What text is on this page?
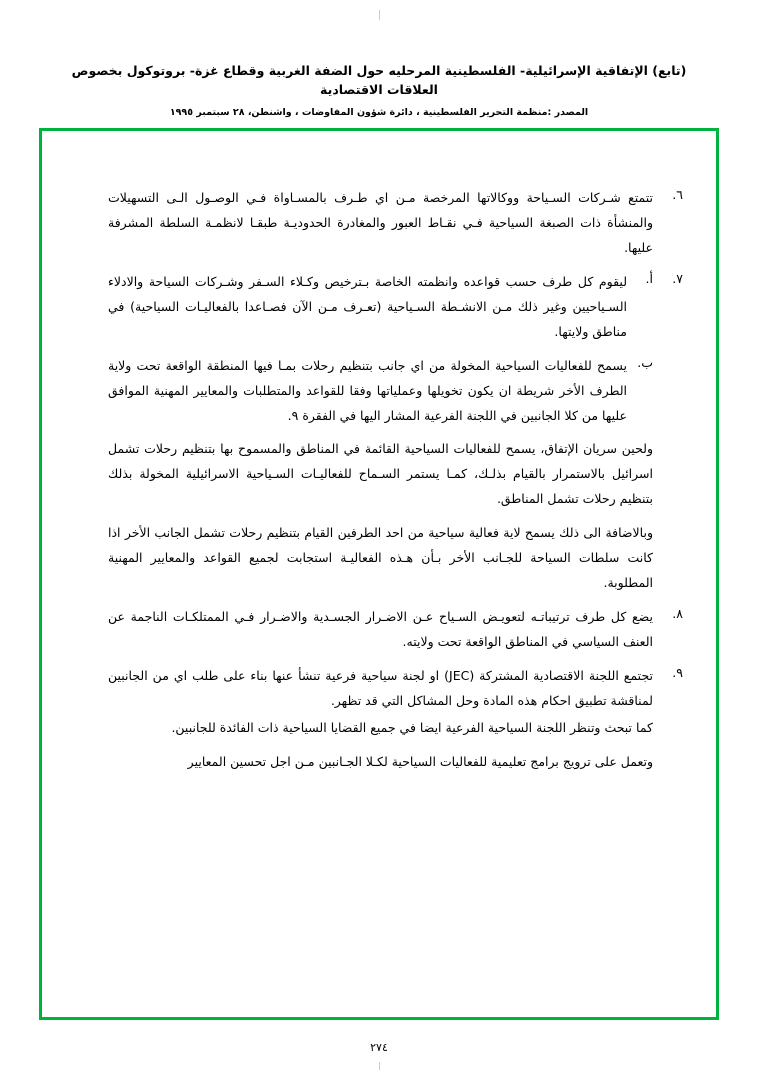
(تابع) الإتفاقية الإسرائيلية- الفلسطينية المرحليه حول الضفة الغربية وقطاع غزة- بروتوكول بخصوص العلاقات الاقتصادية
المصدر :منظمة التحرير الفلسطينية ، دائرة شؤون المفاوضات ، واشنطن، ٢٨ سبتمبر ١٩٩٥
٦.
تتمتع شـركات السـياحة ووكالاتها المرخصة مـن اي طـرف بالمسـاواة فـي الوصـول الـى التسهيلات والمنشأة ذات الصبغة السياحية فـي نقـاط العبور والمغادرة الحدوديـة طبقـا لانظمـة السلطة المشرفة عليها.
٧.
أ.
ليقوم كل طرف حسب قواعده وانظمته الخاصة بـترخيص وكـلاء السـفر وشـركات السياحة والادلاء السـياحيين وغير ذلك مـن الانشـطة السـياحية (تعـرف مـن الآن فصـاعدا بالفعاليـات السياحية) في مناطق ولايتها.
ب.
يسمح للفعاليات السياحية المخولة من اي جانب بتنظيم رحلات بمـا فيها المنطقة الواقعة تحت ولاية الطرف الأخر شريطة ان يكون تخويلها وعملياتها وفقا للقواعد والمتطلبات والمعايير المهنية الموافق عليها من كلا الجانبين في اللجنة الفرعية المشار اليها في الفقرة ٩.
ولحين سريان الإتفاق، يسمح للفعاليات السياحية القائمة في المناطق والمسموح بها بتنظيم رحلات تشمل اسرائيل بالاستمرار بالقيام بذلـك، كمـا يستمر السـماح للفعاليـات السـياحية الاسرائيلية المخولة بذلك بتنظيم رحلات تشمل المناطق.
وبالاضافة الى ذلك يسمح لاية فعالية سياحية من احد الطرفين القيام بتنظيم رحلات تشمل الجانب الأخر اذا كانت سلطات السياحة للجـانب الأخر بـأن هـذه الفعاليـة استجابت لجميع القواعد والمعايير المهنية المطلوبة.
٨.
يضع كل طرف ترتيباتـه لتعويـض السـياح عـن الاضـرار الجسـدية والاضـرار فـي الممتلكـات الناجمة عن العنف السياسي في المناطق الواقعة تحت ولايته.
٩.
تجتمع اللجنة الاقتصادية المشتركة (JEC) او لجنة سياحية فرعية تنشأ عنها بناء على طلب اي من الجانبين لمناقشة تطبيق احكام هذه المادة وحل المشاكل التي قد تظهر.
كما تبحث وتنظر اللجنة السياحية الفرعية ايضا في جميع القضايا السياحية ذات الفائدة للجانبين.
وتعمل على ترويج برامج تعليمية للفعاليات السياحية لكـلا الجـانبين مـن اجل تحسين المعايير
٢٧٤
